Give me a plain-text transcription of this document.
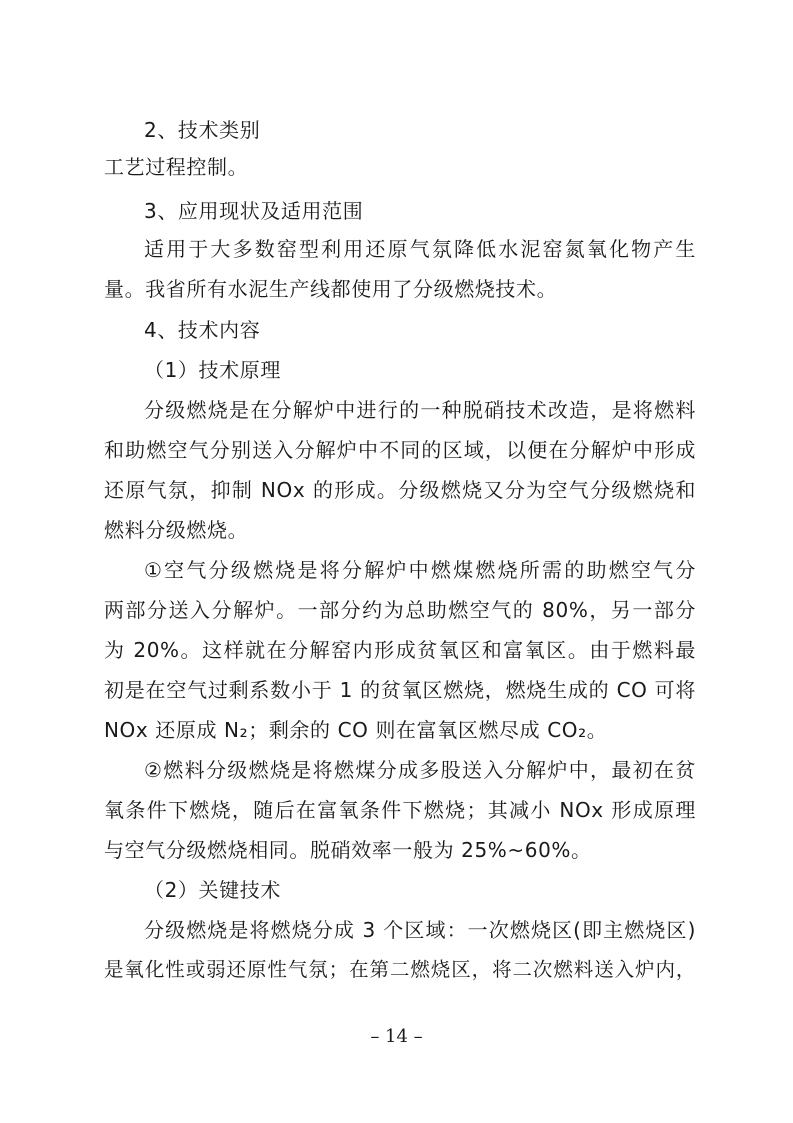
2、技术类别
工艺过程控制。
3、应用现状及适用范围
适用于大多数窑型利用还原气氛降低水泥窑氮氧化物产生
量。我省所有水泥生产线都使用了分级燃烧技术。
4、技术内容
（1）技术原理
分级燃烧是在分解炉中进行的一种脱硝技术改造，是将燃料
和助燃空气分别送入分解炉中不同的区域，以便在分解炉中形成
还原气氛，抑制 NOx 的形成。分级燃烧又分为空气分级燃烧和
燃料分级燃烧。
①空气分级燃烧是将分解炉中燃煤燃烧所需的助燃空气分
两部分送入分解炉。一部分约为总助燃空气的 80%，另一部分
为 20%。这样就在分解窑内形成贫氧区和富氧区。由于燃料最
初是在空气过剩系数小于 1 的贫氧区燃烧，燃烧生成的 CO 可将
NOx 还原成 N₂；剩余的 CO 则在富氧区燃尽成 CO₂。
②燃料分级燃烧是将燃煤分成多股送入分解炉中，最初在贫
氧条件下燃烧，随后在富氧条件下燃烧；其减小 NOx 形成原理
与空气分级燃烧相同。脱硝效率一般为 25%~60%。
（2）关键技术
分级燃烧是将燃烧分成 3 个区域：一次燃烧区(即主燃烧区)
是氧化性或弱还原性气氛；在第二燃烧区，将二次燃料送入炉内，
– 14 –
